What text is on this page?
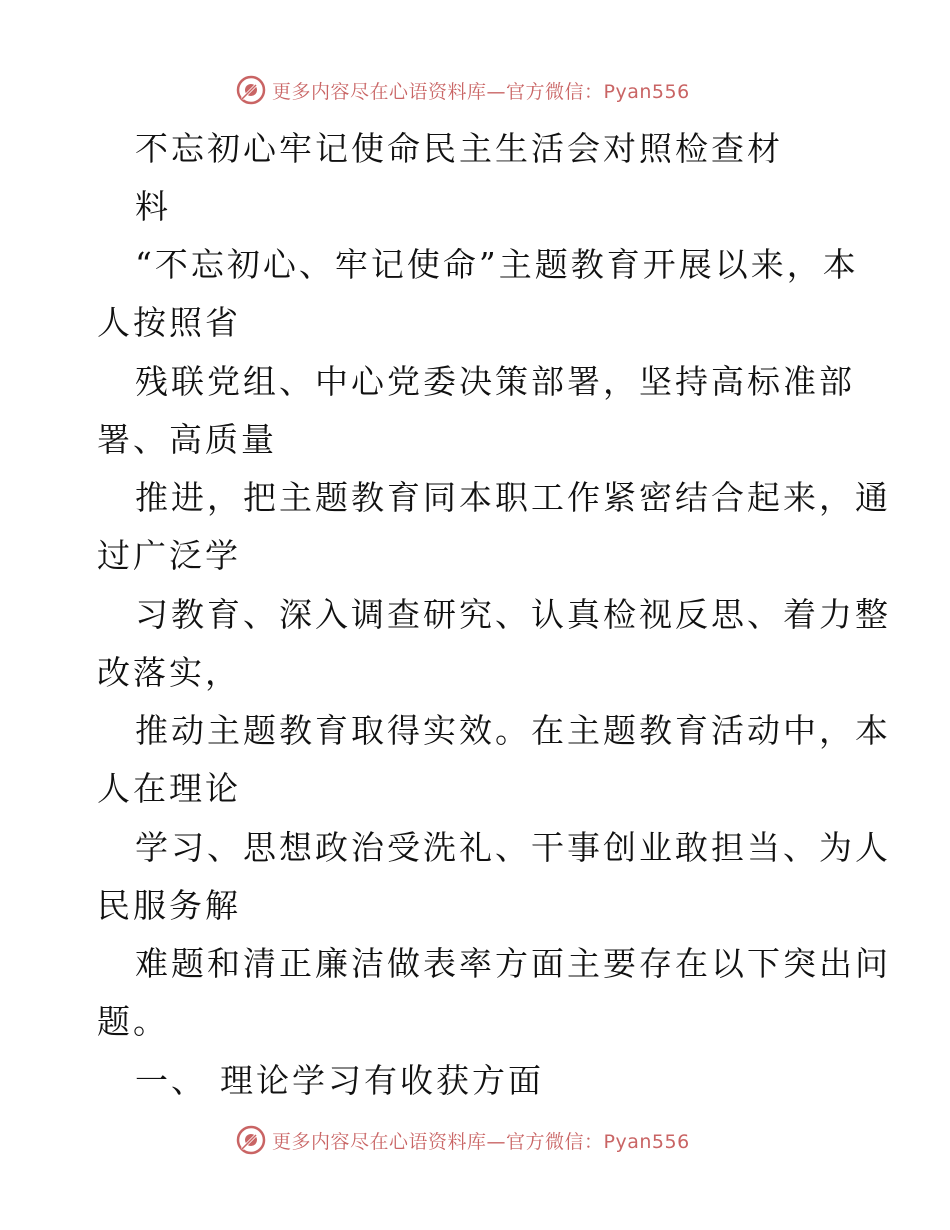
更多内容尽在心语资料库—官方微信：Pyan556
不忘初心牢记使命民主生活会对照检查材
料
“不忘初心、牢记使命”主题教育开展以来，本
人按照省
残联党组、中心党委决策部署，坚持高标准部
署、高质量
推进，把主题教育同本职工作紧密结合起来，通
过广泛学
习教育、深入调查研究、认真检视反思、着力整
改落实，
推动主题教育取得实效。在主题教育活动中，本
人在理论
学习、思想政治受洗礼、干事创业敢担当、为人
民服务解
难题和清正廉洁做表率方面主要存在以下突出问
题。
一、 理论学习有收获方面
更多内容尽在心语资料库—官方微信：Pyan556
